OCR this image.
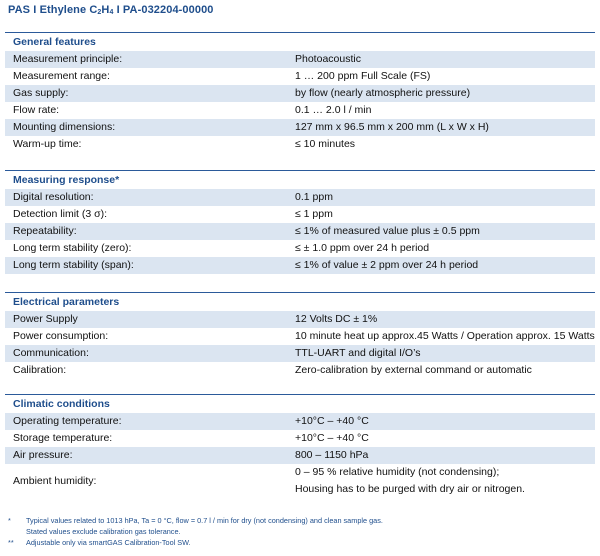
PAS I Ethylene $C_2H_4$ I PA-032204-00000
General features
Measurement principle:	Photoacoustic
Measurement range:	1 … 200 ppm Full Scale (FS)
Gas supply:	by flow (nearly atmospheric pressure)
Flow rate:	0.1 … 2.0 l / min
Mounting dimensions:	127 mm x 96.5 mm x 200 mm (L x W x H)
Warm-up time:	≤ 10 minutes
Measuring response*
Digital resolution:	0.1 ppm
Detection limit (3 σ):	≤ 1 ppm
Repeatability:	≤ 1% of measured value plus ± 0.5 ppm
Long term stability (zero):	≤ ± 1.0 ppm over 24 h period
Long term stability (span):	≤ 1% of value ± 2 ppm over 24 h period
Electrical parameters
Power Supply	12 Volts DC ± 1%
Power consumption:	10 minute heat up approx.45 Watts / Operation approx. 15 Watts
Communication:	TTL-UART and digital I/O’s
Calibration:	Zero-calibration by external command or automatic
Climatic conditions
Operating temperature:	+10°C – +40 °C
Storage temperature:	+10°C – +40 °C
Air pressure:	800 – 1150 hPa
Ambient humidity:
0 – 95 % relative humidity (not condensing);
Housing has to be purged with dry air or nitrogen.
*	Typical values related to 1013 hPa, Ta = 0 °C, flow = 0.7 l / min for dry (not condensing) and clean sample gas.
Stated values exclude calibration gas tolerance.
**	Adjustable only via smartGAS Calibration-Tool SW.
